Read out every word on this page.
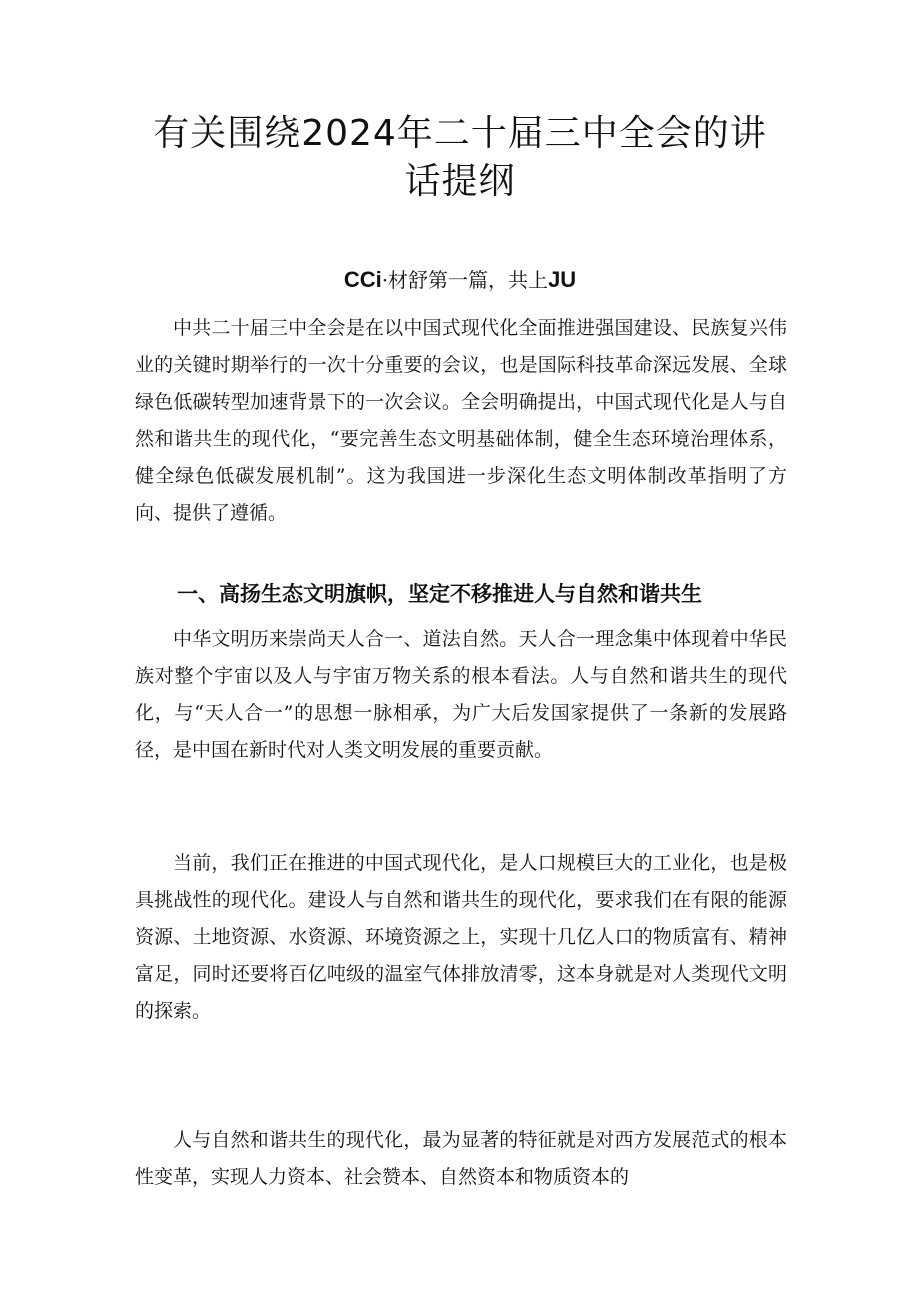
有关围绕2024年二十届三中全会的讲话提纲

CCi·材舒第一篇，共上JU

中共二十届三中全会是在以中国式现代化全面推进强国建设、民族复兴伟业的关键时期举行的一次十分重要的会议，也是国际科技革命深远发展、全球绿色低碳转型加速背景下的一次会议。全会明确提出，中国式现代化是人与自然和谐共生的现代化，“要完善生态文明基础体制，健全生态环境治理体系，健全绿色低碳发展机制”。这为我国进一步深化生态文明体制改革指明了方向、提供了遵循。

一、高扬生态文明旗帜，坚定不移推进人与自然和谐共生

中华文明历来崇尚天人合一、道法自然。天人合一理念集中体现着中华民族对整个宇宙以及人与宇宙万物关系的根本看法。人与自然和谐共生的现代化，与“天人合一”的思想一脉相承，为广大后发国家提供了一条新的发展路径，是中国在新时代对人类文明发展的重要贡献。

当前，我们正在推进的中国式现代化，是人口规模巨大的工业化，也是极具挑战性的现代化。建设人与自然和谐共生的现代化，要求我们在有限的能源资源、土地资源、水资源、环境资源之上，实现十几亿人口的物质富有、精神富足，同时还要将百亿吨级的温室气体排放清零，这本身就是对人类现代文明的探索。

人与自然和谐共生的现代化，最为显著的特征就是对西方发展范式的根本性变革，实现人力资本、社会赞本、自然资本和物质资本的
